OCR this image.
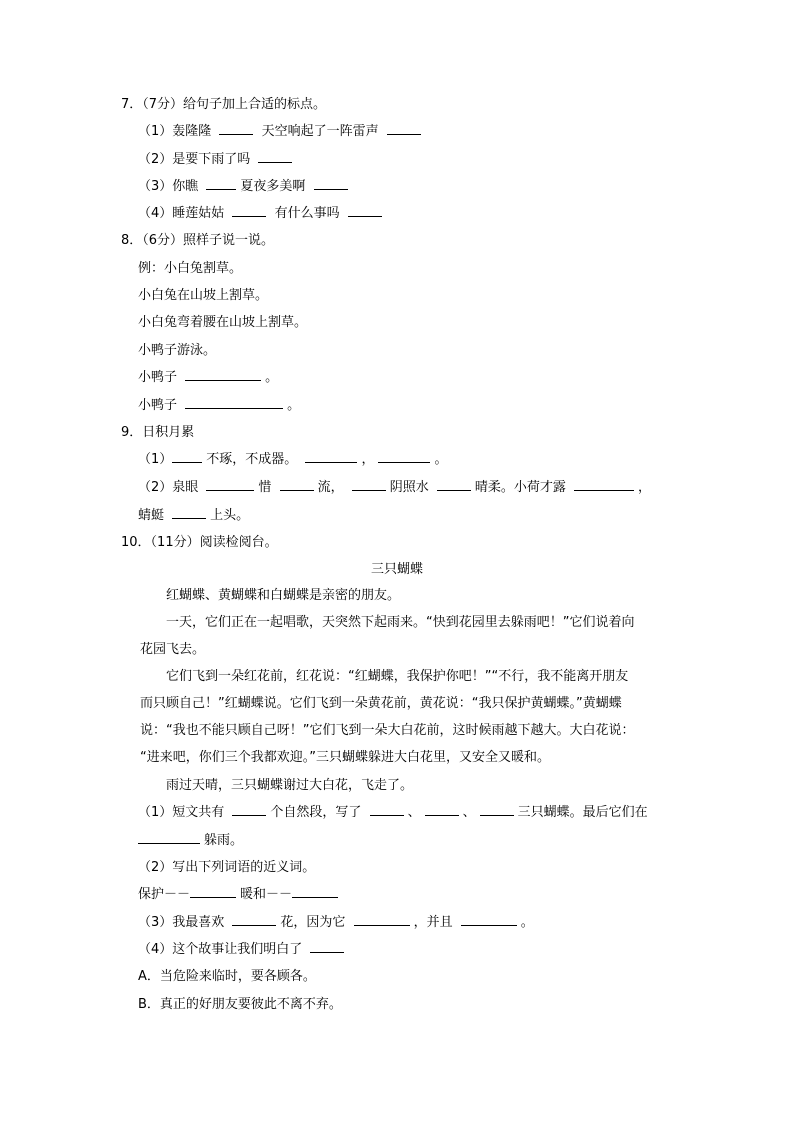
7．（7分）给句子加上合适的标点。
（1）轰隆隆	天空响起了一阵雷声
（2）是要下雨了吗
（3）你瞧	夏夜多美啊
（4）睡莲姑姑	有什么事吗
8．（6分）照样子说一说。
例：小白兔割草。
小白兔在山坡上割草。
小白兔弯着腰在山坡上割草。
小鸭子游泳。
小鸭子	。
小鸭子	。
9．日积月累
（1）	不琢，不成器。	，	。
（2）泉眼	惜	流，	阴照水	晴柔。小荷才露	，
蜻蜓	上头。
10．（11分）阅读检阅台。
三只蝴蝶
红蝴蝶、黄蝴蝶和白蝴蝶是亲密的朋友。
一天，它们正在一起唱歌，天突然下起雨来。“快到花园里去躲雨吧！”它们说着向
花园飞去。
它们飞到一朵红花前，红花说：“红蝴蝶，我保护你吧！”“不行，我不能离开朋友
而只顾自己！”红蝴蝶说。它们飞到一朵黄花前，黄花说：“我只保护黄蝴蝶。”黄蝴蝶
说：“我也不能只顾自己呀！”它们飞到一朵大白花前，这时候雨越下越大。大白花说：
“进来吧，你们三个我都欢迎。”三只蝴蝶躲进大白花里，又安全又暖和。
雨过天晴，三只蝴蝶谢过大白花，飞走了。
（1）短文共有	个自然段，写了	、	、	三只蝴蝶。最后它们在
躲雨。
（2）写出下列词语的近义词。
保护－－	暖和－－
（3）我最喜欢	花，因为它	，并且	。
（4）这个故事让我们明白了
A．当危险来临时，要各顾各。
B．真正的好朋友要彼此不离不弃。
